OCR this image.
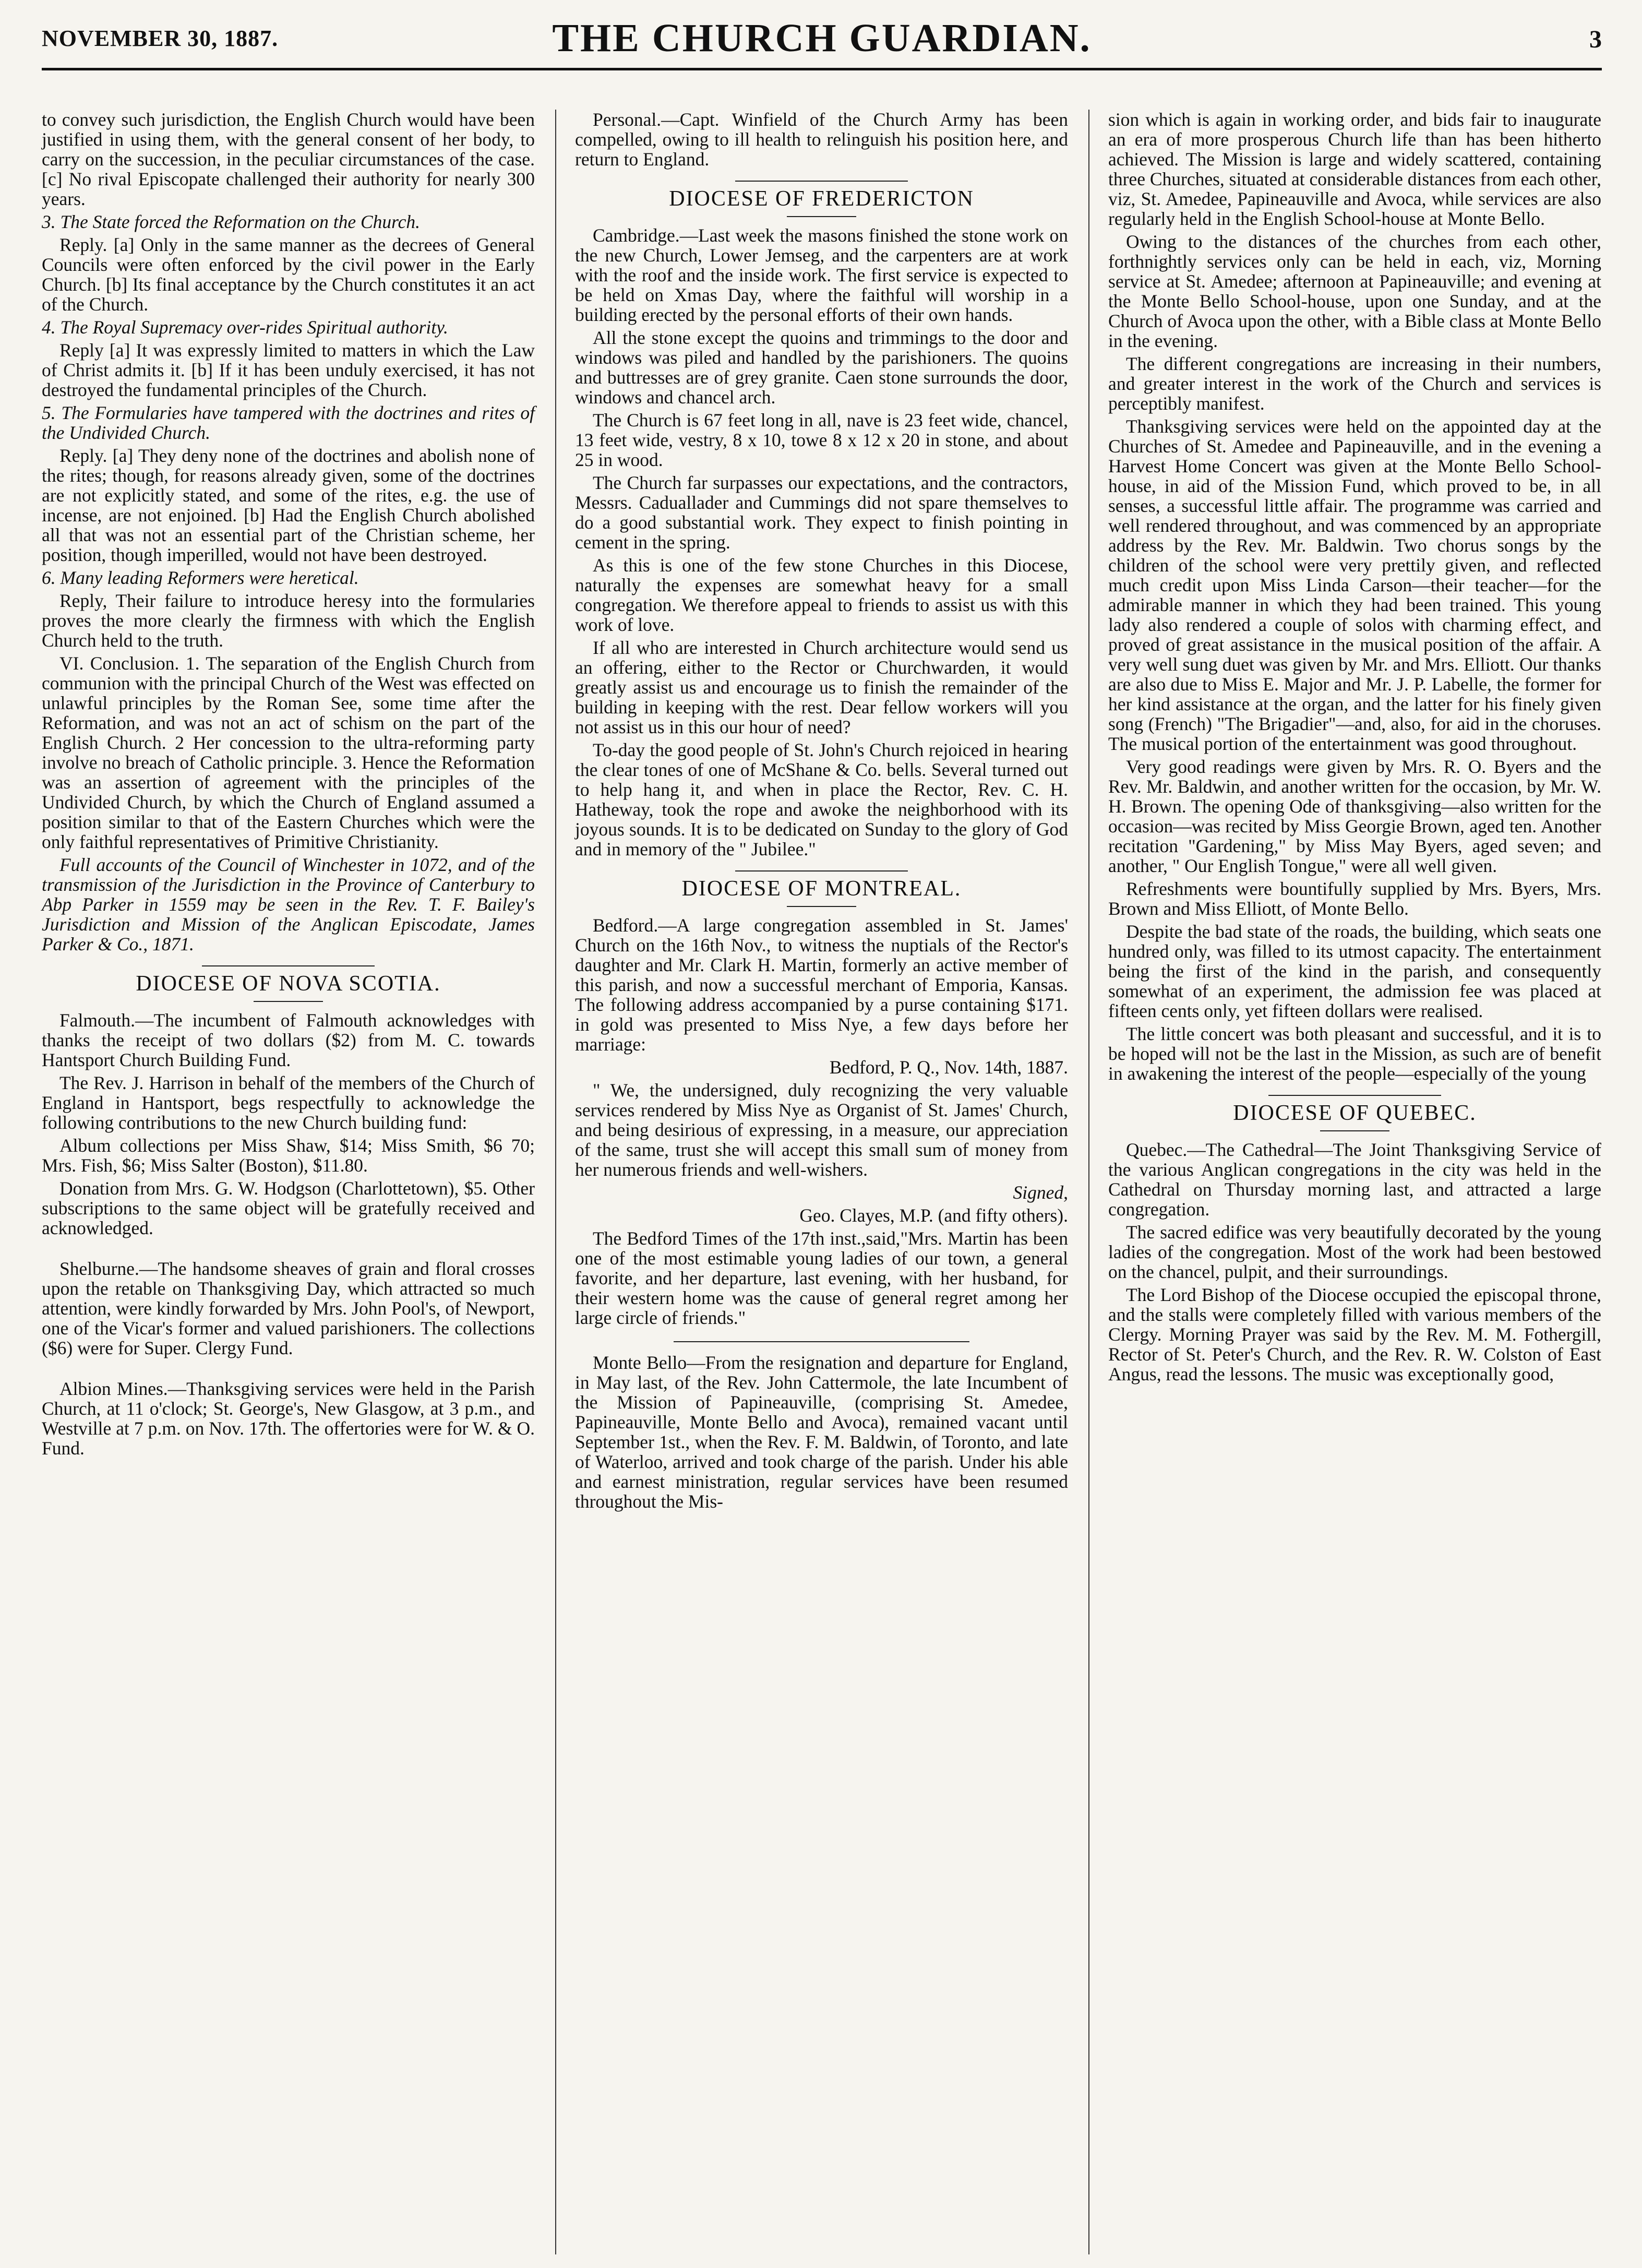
NOVEMBER 30, 1887.	THE CHURCH GUARDIAN.	3

to convey such jurisdiction, the English Church would have been justified in using them, with the general consent of her body, to carry on the succession, in the peculiar circumstances of the case. [c] No rival Episcopate challenged their authority for nearly 300 years.

3. The State forced the Reformation on the Church.

Reply. [a] Only in the same manner as the decrees of General Councils were often enforced by the civil power in the Early Church. [b] Its final acceptance by the Church constitutes it an act of the Church.

4. The Royal Supremacy over-rides Spiritual authority.

Reply [a] It was expressly limited to matters in which the Law of Christ admits it. [b] If it has been unduly exercised, it has not destroyed the fundamental principles of the Church.

5. The Formularies have tampered with the doctrines and rites of the Undivided Church.

Reply. [a] They deny none of the doctrines and abolish none of the rites; though, for reasons already given, some of the doctrines are not explicitly stated, and some of the rites, e.g. the use of incense, are not enjoined. [b] Had the English Church abolished all that was not an essential part of the Christian scheme, her position, though imperilled, would not have been destroyed.

6. Many leading Reformers were heretical.

Reply, Their failure to introduce heresy into the formularies proves the more clearly the firmness with which the English Church held to the truth.

VI. Conclusion. 1. The separation of the English Church from communion with the principal Church of the West was effected on unlawful principles by the Roman See, some time after the Reformation, and was not an act of schism on the part of the English Church. 2 Her concession to the ultra-reforming party involve no breach of Catholic principle. 3. Hence the Reformation was an assertion of agreement with the principles of the Undivided Church, by which the Church of England assumed a position similar to that of the Eastern Churches which were the only faithful representatives of Primitive Christianity.

Full accounts of the Council of Winchester in 1072, and of the transmission of the Jurisdiction in the Province of Canterbury to Abp Parker in 1559 may be seen in the Rev. T. F. Bailey's Jurisdiction and Mission of the Anglican Episcodate, James Parker & Co., 1871.

DIOCESE OF NOVA SCOTIA.

Falmouth.—The incumbent of Falmouth acknowledges with thanks the receipt of two dollars ($2) from M. C. towards Hantsport Church Building Fund.

The Rev. J. Harrison in behalf of the members of the Church of England in Hantsport, begs respectfully to acknowledge the following contributions to the new Church building fund:

Album collections per Miss Shaw, $14; Miss Smith, $6 70; Mrs. Fish, $6; Miss Salter (Boston), $11.80.

Donation from Mrs. G. W. Hodgson (Charlottetown), $5. Other subscriptions to the same object will be gratefully received and acknowledged.

Shelburne.—The handsome sheaves of grain and floral crosses upon the retable on Thanksgiving Day, which attracted so much attention, were kindly forwarded by Mrs. John Pool's, of Newport, one of the Vicar's former and valued parishioners. The collections ($6) were for Super. Clergy Fund.

Albion Mines.—Thanksgiving services were held in the Parish Church, at 11 o'clock; St. George's, New Glasgow, at 3 p.m., and Westville at 7 p.m. on Nov. 17th. The offertories were for W. & O. Fund.

Personal.—Capt. Winfield of the Church Army has been compelled, owing to ill health to relinguish his position here, and return to England.

DIOCESE OF FREDERICTON

Cambridge.—Last week the masons finished the stone work on the new Church, Lower Jemseg, and the carpenters are at work with the roof and the inside work. The first service is expected to be held on Xmas Day, where the faithful will worship in a building erected by the personal efforts of their own hands.

All the stone except the quoins and trimmings to the door and windows was piled and handled by the parishioners. The quoins and buttresses are of grey granite. Caen stone surrounds the door, windows and chancel arch.

The Church is 67 feet long in all, nave is 23 feet wide, chancel, 13 feet wide, vestry, 8 x 10, towe 8 x 12 x 20 in stone, and about 25 in wood.

The Church far surpasses our expectations, and the contractors, Messrs. Caduallader and Cummings did not spare themselves to do a good substantial work. They expect to finish pointing in cement in the spring.

As this is one of the few stone Churches in this Diocese, naturally the expenses are somewhat heavy for a small congregation. We therefore appeal to friends to assist us with this work of love.

If all who are interested in Church architecture would send us an offering, either to the Rector or Churchwarden, it would greatly assist us and encourage us to finish the remainder of the building in keeping with the rest. Dear fellow workers will you not assist us in this our hour of need?

To-day the good people of St. John's Church rejoiced in hearing the clear tones of one of McShane & Co. bells. Several turned out to help hang it, and when in place the Rector, Rev. C. H. Hatheway, took the rope and awoke the neighborhood with its joyous sounds. It is to be dedicated on Sunday to the glory of God and in memory of the " Jubilee."

DIOCESE OF MONTREAL.

Bedford.—A large congregation assembled in St. James' Church on the 16th Nov., to witness the nuptials of the Rector's daughter and Mr. Clark H. Martin, formerly an active member of this parish, and now a successful merchant of Emporia, Kansas. The following address accompanied by a purse containing $171. in gold was presented to Miss Nye, a few days before her marriage:

Bedford, P. Q., Nov. 14th, 1887.

" We, the undersigned, duly recognizing the very valuable services rendered by Miss Nye as Organist of St. James' Church, and being desirious of expressing, in a measure, our appreciation of the same, trust she will accept this small sum of money from her numerous friends and well-wishers.

Signed,

Geo. Clayes, M.P. (and fifty others).

The Bedford Times of the 17th inst.,said,"Mrs. Martin has been one of the most estimable young ladies of our town, a general favorite, and her departure, last evening, with her husband, for their western home was the cause of general regret among her large circle of friends."

Monte Bello—From the resignation and departure for England, in May last, of the Rev. John Cattermole, the late Incumbent of the Mission of Papineauville, (comprising St. Amedee, Papineauville, Monte Bello and Avoca), remained vacant until September 1st., when the Rev. F. M. Baldwin, of Toronto, and late of Waterloo, arrived and took charge of the parish. Under his able and earnest ministration, regular services have been resumed throughout the Mis-

sion which is again in working order, and bids fair to inaugurate an era of more prosperous Church life than has been hitherto achieved. The Mission is large and widely scattered, containing three Churches, situated at considerable distances from each other, viz, St. Amedee, Papineauville and Avoca, while services are also regularly held in the English School-house at Monte Bello.

Owing to the distances of the churches from each other, forthnightly services only can be held in each, viz, Morning service at St. Amedee; afternoon at Papineauville; and evening at the Monte Bello School-house, upon one Sunday, and at the Church of Avoca upon the other, with a Bible class at Monte Bello in the evening.

The different congregations are increasing in their numbers, and greater interest in the work of the Church and services is perceptibly manifest.

Thanksgiving services were held on the appointed day at the Churches of St. Amedee and Papineauville, and in the evening a Harvest Home Concert was given at the Monte Bello School-house, in aid of the Mission Fund, which proved to be, in all senses, a successful little affair. The programme was carried and well rendered throughout, and was commenced by an appropriate address by the Rev. Mr. Baldwin. Two chorus songs by the children of the school were very prettily given, and reflected much credit upon Miss Linda Carson—their teacher—for the admirable manner in which they had been trained. This young lady also rendered a couple of solos with charming effect, and proved of great assistance in the musical position of the affair. A very well sung duet was given by Mr. and Mrs. Elliott. Our thanks are also due to Miss E. Major and Mr. J. P. Labelle, the former for her kind assistance at the organ, and the latter for his finely given song (French) "The Brigadier"—and, also, for aid in the choruses. The musical portion of the entertainment was good throughout.

Very good readings were given by Mrs. R. O. Byers and the Rev. Mr. Baldwin, and another written for the occasion, by Mr. W. H. Brown. The opening Ode of thanksgiving—also written for the occasion—was recited by Miss Georgie Brown, aged ten. Another recitation "Gardening," by Miss May Byers, aged seven; and another, " Our English Tongue," were all well given.

Refreshments were bountifully supplied by Mrs. Byers, Mrs. Brown and Miss Elliott, of Monte Bello.

Despite the bad state of the roads, the building, which seats one hundred only, was filled to its utmost capacity. The entertainment being the first of the kind in the parish, and consequently somewhat of an experiment, the admission fee was placed at fifteen cents only, yet fifteen dollars were realised.

The little concert was both pleasant and successful, and it is to be hoped will not be the last in the Mission, as such are of benefit in awakening the interest of the people—especially of the young

DIOCESE OF QUEBEC.

Quebec.—The Cathedral—The Joint Thanksgiving Service of the various Anglican congregations in the city was held in the Cathedral on Thursday morning last, and attracted a large congregation.

The sacred edifice was very beautifully decorated by the young ladies of the congregation. Most of the work had been bestowed on the chancel, pulpit, and their surroundings.

The Lord Bishop of the Diocese occupied the episcopal throne, and the stalls were completely filled with various members of the Clergy. Morning Prayer was said by the Rev. M. M. Fothergill, Rector of St. Peter's Church, and the Rev. R. W. Colston of East Angus, read the lessons. The music was exceptionally good,
